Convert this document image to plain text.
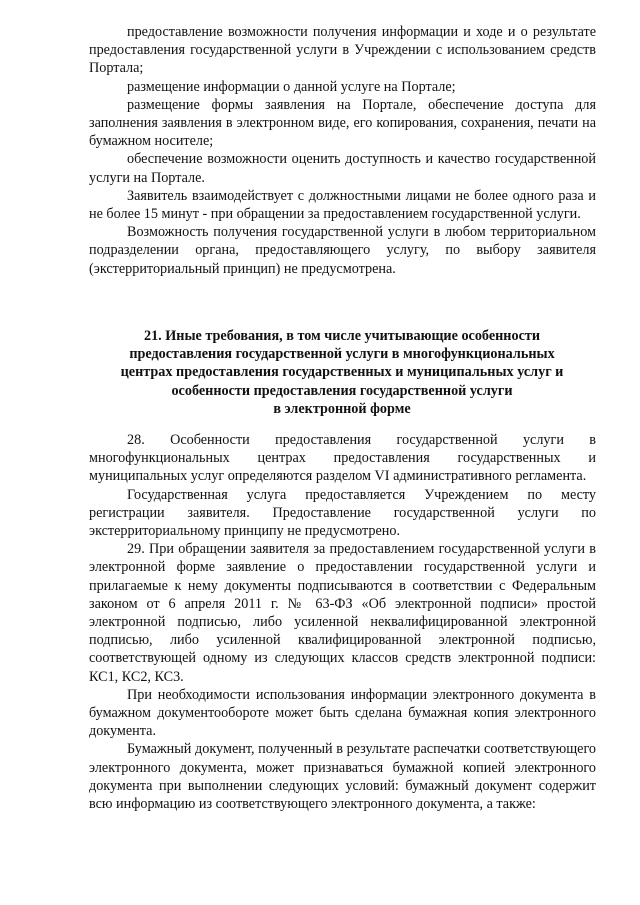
предоставление возможности получения информации и ходе и о результате предоставления государственной услуги в Учреждении с использованием средств Портала;

размещение информации о данной услуге на Портале;

размещение формы заявления на Портале, обеспечение доступа для заполнения заявления в электронном виде, его копирования, сохранения, печати на бумажном носителе;

обеспечение возможности оценить доступность и качество государственной услуги на Портале.

Заявитель взаимодействует с должностными лицами не более одного раза и не более 15 минут - при обращении за предоставлением государственной услуги.

Возможность получения государственной услуги в любом территориальном подразделении органа, предоставляющего услугу, по выбору заявителя (экстерриториальный принцип) не предусмотрена.

21. Иные требования, в том числе учитывающие особенности
предоставления государственной услуги в многофункциональных
центрах предоставления государственных и муниципальных услуг и
особенности предоставления государственной услуги
в электронной форме

28. Особенности предоставления государственной услуги в многофункциональных центрах предоставления государственных и муниципальных услуг определяются разделом VI административного регламента.

Государственная услуга предоставляется Учреждением по месту регистрации заявителя. Предоставление государственной услуги по экстерриториальному принципу не предусмотрено.

29. При обращении заявителя за предоставлением государственной услуги в электронной форме заявление о предоставлении государственной услуги и прилагаемые к нему документы подписываются в соответствии с Федеральным законом от 6 апреля 2011 г. № 63-ФЗ «Об электронной подписи» простой электронной подписью, либо усиленной неквалифицированной электронной подписью, либо усиленной квалифицированной электронной подписью, соответствующей одному из следующих классов средств электронной подписи: КС1, КС2, КС3.

При необходимости использования информации электронного документа в бумажном документообороте может быть сделана бумажная копия электронного документа.

Бумажный документ, полученный в результате распечатки соответствующего электронного документа, может признаваться бумажной копией электронного документа при выполнении следующих условий: бумажный документ содержит всю информацию из соответствующего электронного документа, а также:
